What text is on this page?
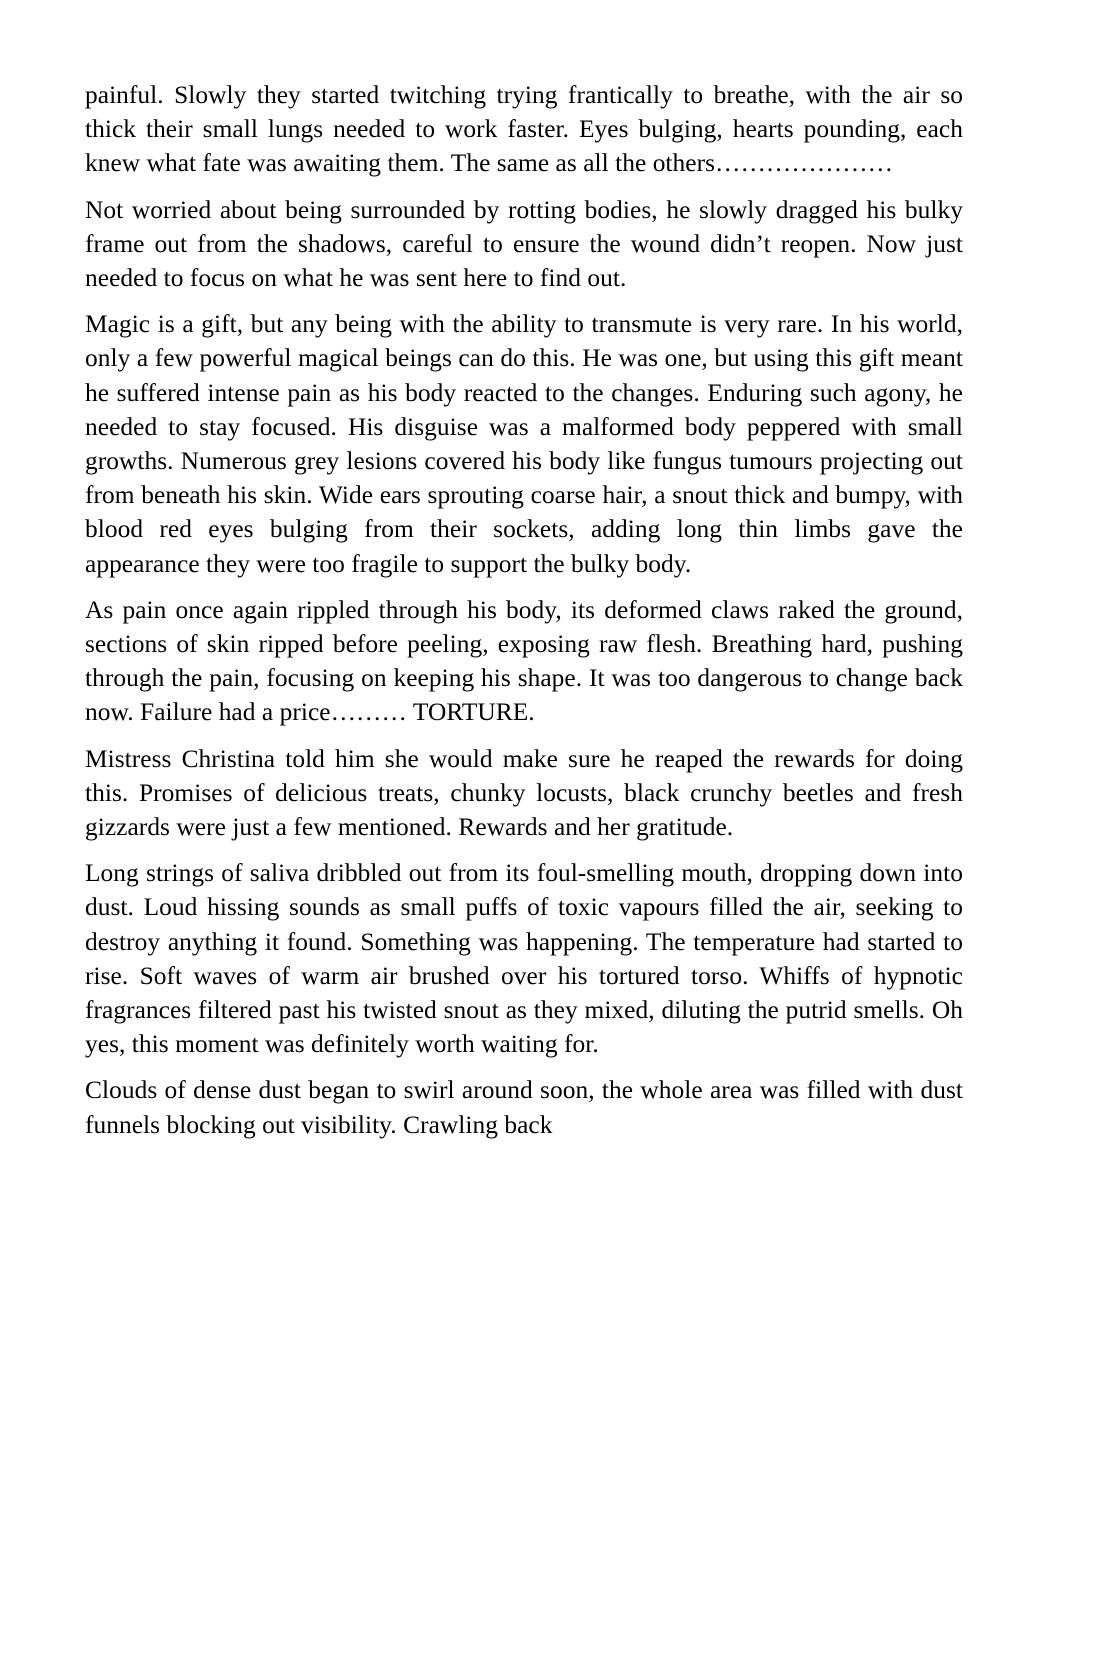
painful. Slowly they started twitching trying frantically to breathe, with the air so thick their small lungs needed to work faster. Eyes bulging, hearts pounding, each knew what fate was awaiting them. The same as all the others…………………

Not worried about being surrounded by rotting bodies, he slowly dragged his bulky frame out from the shadows, careful to ensure the wound didn’t reopen. Now just needed to focus on what he was sent here to find out.

Magic is a gift, but any being with the ability to transmute is very rare. In his world, only a few powerful magical beings can do this. He was one, but using this gift meant he suffered intense pain as his body reacted to the changes. Enduring such agony, he needed to stay focused. His disguise was a malformed body peppered with small growths. Numerous grey lesions covered his body like fungus tumours projecting out from beneath his skin. Wide ears sprouting coarse hair, a snout thick and bumpy, with blood red eyes bulging from their sockets, adding long thin limbs gave the appearance they were too fragile to support the bulky body.

As pain once again rippled through his body, its deformed claws raked the ground, sections of skin ripped before peeling, exposing raw flesh. Breathing hard, pushing through the pain, focusing on keeping his shape. It was too dangerous to change back now. Failure had a price……… TORTURE.

Mistress Christina told him she would make sure he reaped the rewards for doing this. Promises of delicious treats, chunky locusts, black crunchy beetles and fresh gizzards were just a few mentioned. Rewards and her gratitude.

Long strings of saliva dribbled out from its foul-smelling mouth, dropping down into dust. Loud hissing sounds as small puffs of toxic vapours filled the air, seeking to destroy anything it found. Something was happening. The temperature had started to rise. Soft waves of warm air brushed over his tortured torso. Whiffs of hypnotic fragrances filtered past his twisted snout as they mixed, diluting the putrid smells. Oh yes, this moment was definitely worth waiting for.

Clouds of dense dust began to swirl around soon, the whole area was filled with dust funnels blocking out visibility. Crawling back
